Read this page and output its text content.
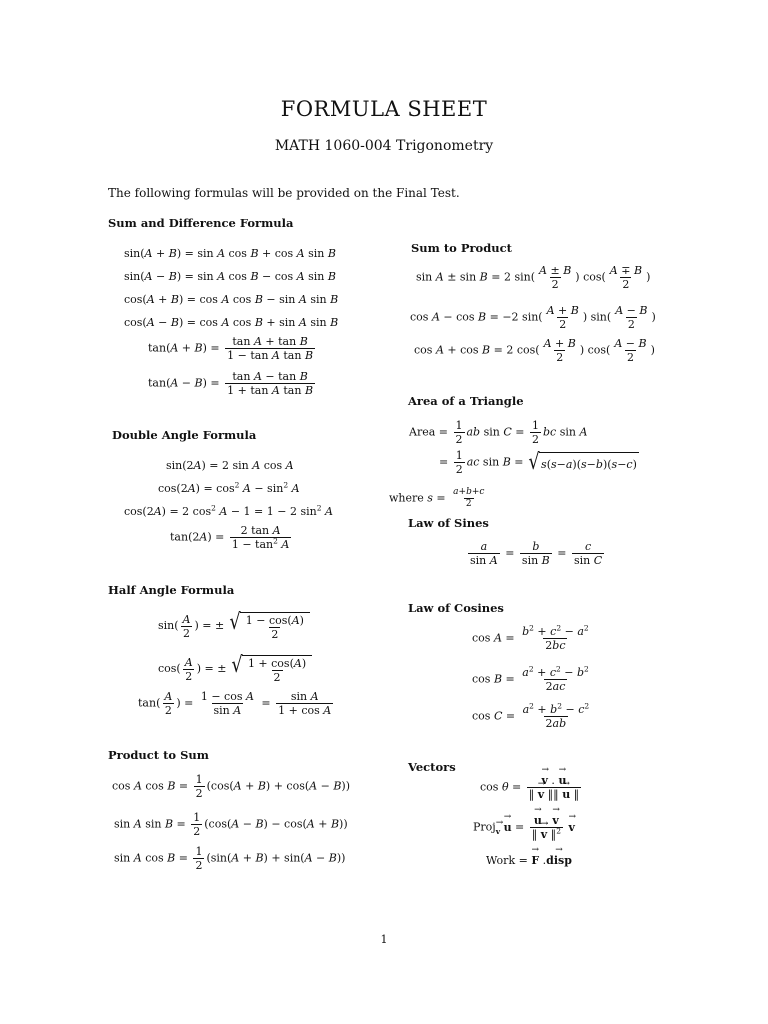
FORMULA SHEET
MATH 1060-004 Trigonometry
The following formulas will be provided on the Final Test.
Sum and Difference Formula
sin(A + B) = sin A cos B + cos A sin B
sin(A − B) = sin A cos B − cos A sin B
cos(A + B) = cos A cos B − sin A sin B
cos(A − B) = cos A cos B + sin A sin B
$\tan(A + B) = \frac{\text{tan A + tan B}}{\text{1 − tan A tan B}}$
$\tan(A - B) = \frac{\text{tan A − tan B}}{\text{1 + tan A tan B}}$
Double Angle Formula
sin(2A) = 2 sin A cos A
$\cos(2A) = \cos^2 A - \sin^2 A$
cos(2A) = 2 $\cos^2 A - 1 = 1 - 2$ $\sin^2 A$
$\tan(2A) = \frac{\text{2 tan A}}{1 - \tan^2 A}$
Half Angle Formula
$\sin( \frac{A}{2}$ ) = ± √ $\frac{1 - \cos(A)}{2}$
$\cos( \frac{A}{2}$ ) = ± √ $\frac{1 + \cos(A)}{2}$
$\tan( \frac{A}{2}$ ) = $\frac{\text{1 − cos A}}{\text{sin A}} = \frac{\text{sin A}}{\text{1 + cos A}}$
Product to Sum
cos A $\cos B = \frac{1}{2} (\cos(A + B) + \cos(A - B))$
sin A $\sin B = \frac{1}{2} (\cos(A - B) - \cos(A + B))$
sin A $\cos B = \frac{1}{2} (\sin(A + B) + \sin(A - B))$
Sum to Product
sin A ± sin B = 2 $\sin( \frac{A \pm B}{2}$ ) $\cos( \frac{A \mp B}{2}$ )
cos A − cos B = −2 $\sin( \frac{A + B}{2}$ ) $\sin( \frac{A - B}{2}$ )
cos A + cos B = 2 $\cos( \frac{A + B}{2}$ ) $\cos( \frac{A - B}{2}$ )
Area of a Triangle
Area = $\frac{1}{2}$ ab $\sin C = \frac{1}{2}$ bc sin A
= $\frac{1}{2}$ ac sin B = √ s ( s − a )( s − b )( s − c )
where $s = \frac{a+b+c}{2}$
Law of Sines
$\frac{a}{\text{sin A}} = \frac{b}{\text{sin B}} = \frac{c}{\text{sin C}}$
Law of Cosines
$\cos A = \frac{b^2 + c^2 - a^2}{2bc}$
$\cos B = \frac{a^2 + c^2 - b^2}{2ac}$
$\cos C = \frac{a^2 + b^2 - c^2}{2ab}$
Vectors
cos θ =
→ $\frac{v . \to u}{‖ \to v ‖‖ \to u ‖}$
Proj$_v$ → u =
→ $\frac{u . \to v}{‖ \to v ‖^2}$
→ v
Work = → F .→ disp
1
